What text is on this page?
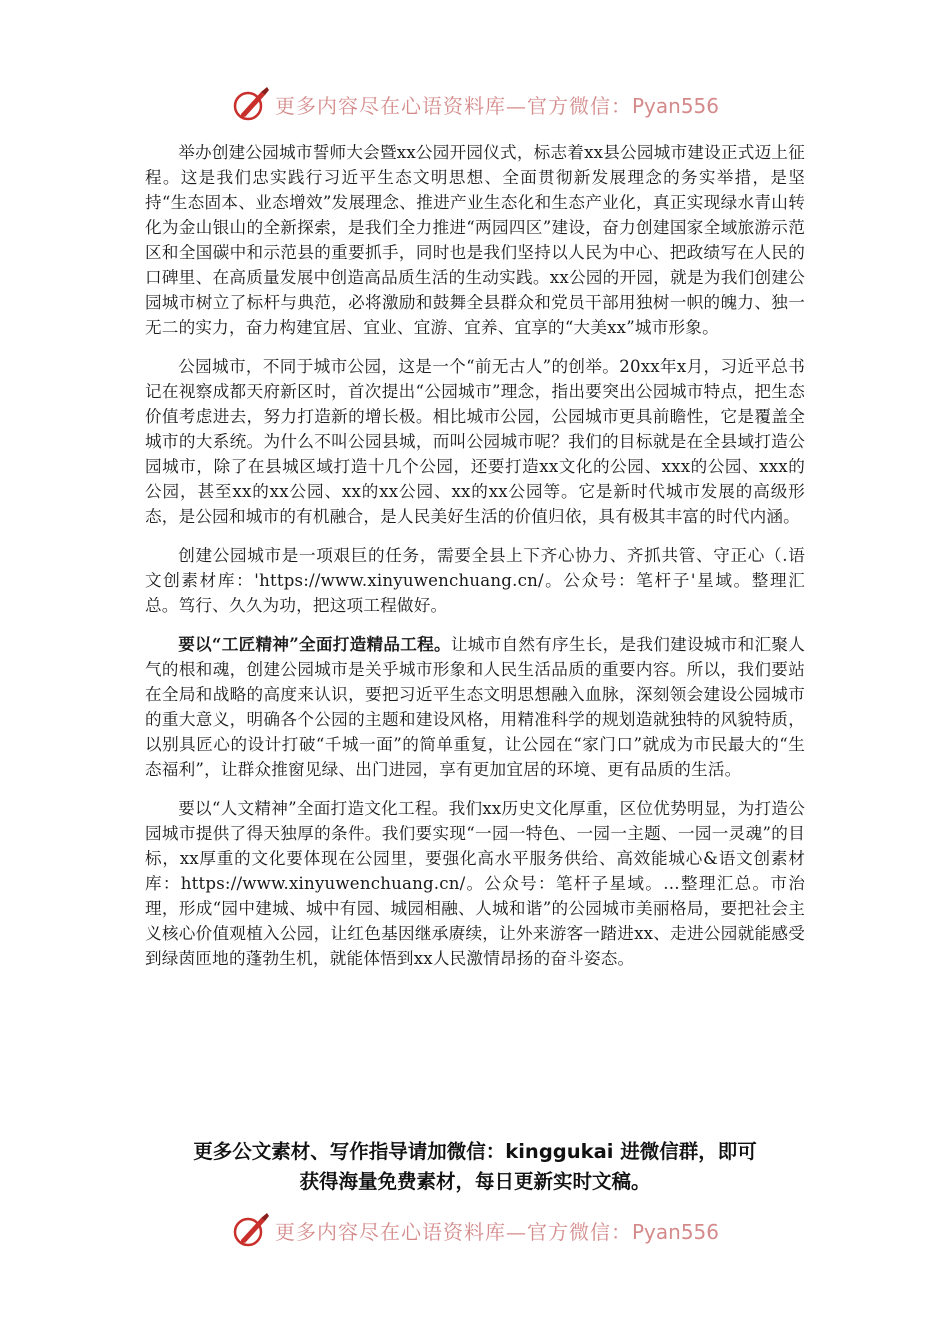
更多内容尽在心语资料库—官方微信：Pyan556

举办创建公园城市誓师大会暨xx公园开园仪式，标志着xx县公园城市建设正式迈上征程。这是我们忠实践行习近平生态文明思想、全面贯彻新发展理念的务实举措，是坚持“生态固本、业态增效”发展理念、推进产业生态化和生态产业化，真正实现绿水青山转化为金山银山的全新探索，是我们全力推进“两园四区”建设，奋力创建国家全域旅游示范区和全国碳中和示范县的重要抓手，同时也是我们坚持以人民为中心、把政绩写在人民的口碑里、在高质量发展中创造高品质生活的生动实践。xx公园的开园，就是为我们创建公园城市树立了标杆与典范，必将激励和鼓舞全县群众和党员干部用独树一帜的魄力、独一无二的实力，奋力构建宜居、宜业、宜游、宜养、宜享的“大美xx”城市形象。

公园城市，不同于城市公园，这是一个“前无古人”的创举。20xx年x月，习近平总书记在视察成都天府新区时，首次提出“公园城市”理念，指出要突出公园城市特点，把生态价值考虑进去，努力打造新的增长极。相比城市公园，公园城市更具前瞻性，它是覆盖全城市的大系统。为什么不叫公园县城，而叫公园城市呢？我们的目标就是在全县域打造公园城市，除了在县城区域打造十几个公园，还要打造xx文化的公园、xxx的公园、xxx的公园，甚至xx的xx公园、xx的xx公园、xx的xx公园等。它是新时代城市发展的高级形态，是公园和城市的有机融合，是人民美好生活的价值归依，具有极其丰富的时代内涵。

创建公园城市是一项艰巨的任务，需要全县上下齐心协力、齐抓共管、守正心（.语文创素材库：'https://www.xinyuwenchuang.cn/。公众号：笔杆子'星域。整理汇总。笃行、久久为功，把这项工程做好。

要以“工匠精神”全面打造精品工程。让城市自然有序生长，是我们建设城市和汇聚人气的根和魂，创建公园城市是关乎城市形象和人民生活品质的重要内容。所以，我们要站在全局和战略的高度来认识，要把习近平生态文明思想融入血脉，深刻领会建设公园城市的重大意义，明确各个公园的主题和建设风格，用精准科学的规划造就独特的风貌特质，以别具匠心的设计打破“千城一面”的简单重复，让公园在“家门口”就成为市民最大的“生态福利”，让群众推窗见绿、出门进园，享有更加宜居的环境、更有品质的生活。

要以“人文精神”全面打造文化工程。我们xx历史文化厚重，区位优势明显，为打造公园城市提供了得天独厚的条件。我们要实现“一园一特色、一园一主题、一园一灵魂”的目标，xx厚重的文化要体现在公园里，要强化高水平服务供给、高效能城心&语文创素材库：https://www.xinyuwenchuang.cn/。公众号：笔杆子星域。…整理汇总。市治理，形成“园中建城、城中有园、城园相融、人城和谐”的公园城市美丽格局，要把社会主义核心价值观植入公园，让红色基因继承赓续，让外来游客一踏进xx、走进公园就能感受到绿茵匝地的蓬勃生机，就能体悟到xx人民激情昂扬的奋斗姿态。

更多公文素材、写作指导请加微信：kinggukai 进微信群，即可
获得海量免费素材，每日更新实时文稿。
更多内容尽在心语资料库—官方微信：Pyan556
